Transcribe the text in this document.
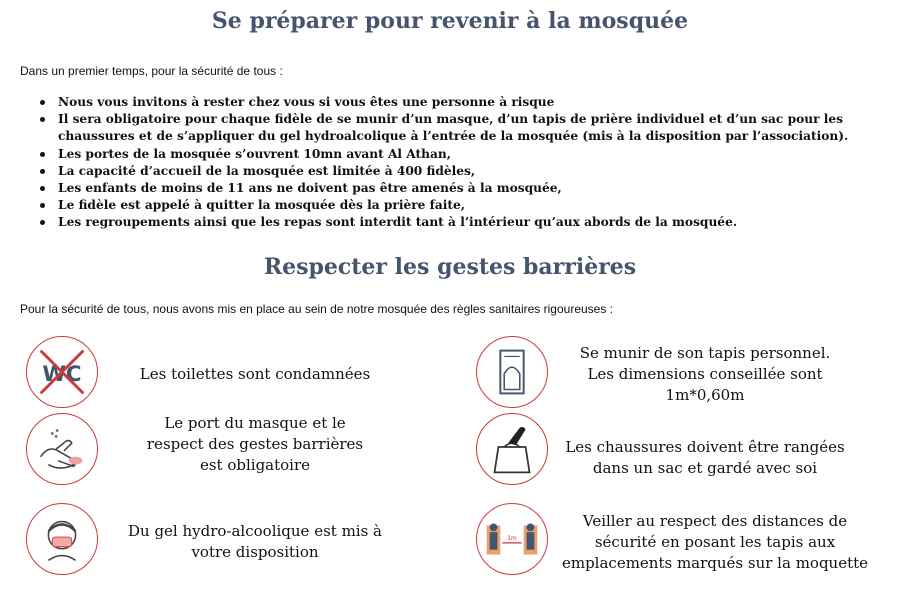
Se préparer pour revenir à la mosquée

Dans un premier temps, pour la sécurité de tous :

Nous vous invitons à rester chez vous si vous êtes une personne à risque
Il sera obligatoire pour chaque fidèle de se munir d’un masque, d’un tapis de prière individuel et d’un sac pour les chaussures et de s’appliquer du gel hydroalcolique à l’entrée de la mosquée (mis à la disposition par l’association).
Les portes de la mosquée s’ouvrent 10mn avant Al Athan,
La capacité d’accueil de la mosquée est limitée à 400 fidèles,
Les enfants de moins de 11 ans ne doivent pas être amenés à la mosquée,
Le fidèle est appelé à quitter la mosquée dès la prière faite,
Les regroupements ainsi que les repas sont interdit tant à l’intérieur qu’aux abords de la mosquée.
Respecter les gestes barrières

Pour la sécurité de tous, nous avons mis en place au sein de notre mosquée des règles sanitaires rigoureuses :

WC	Les toilettes sont condamnées

Le port du masque et le
respect des gestes barrières
est obligatoire

Du gel hydro-alcoolique est mis à
votre disposition

1m

Se munir de son tapis personnel.
Les dimensions conseillée sont
1m*0,60m

Les chaussures doivent être rangées
dans un sac et gardé avec soi

Veiller au respect des distances de
sécurité en posant les tapis aux
emplacements marqués sur la moquette
